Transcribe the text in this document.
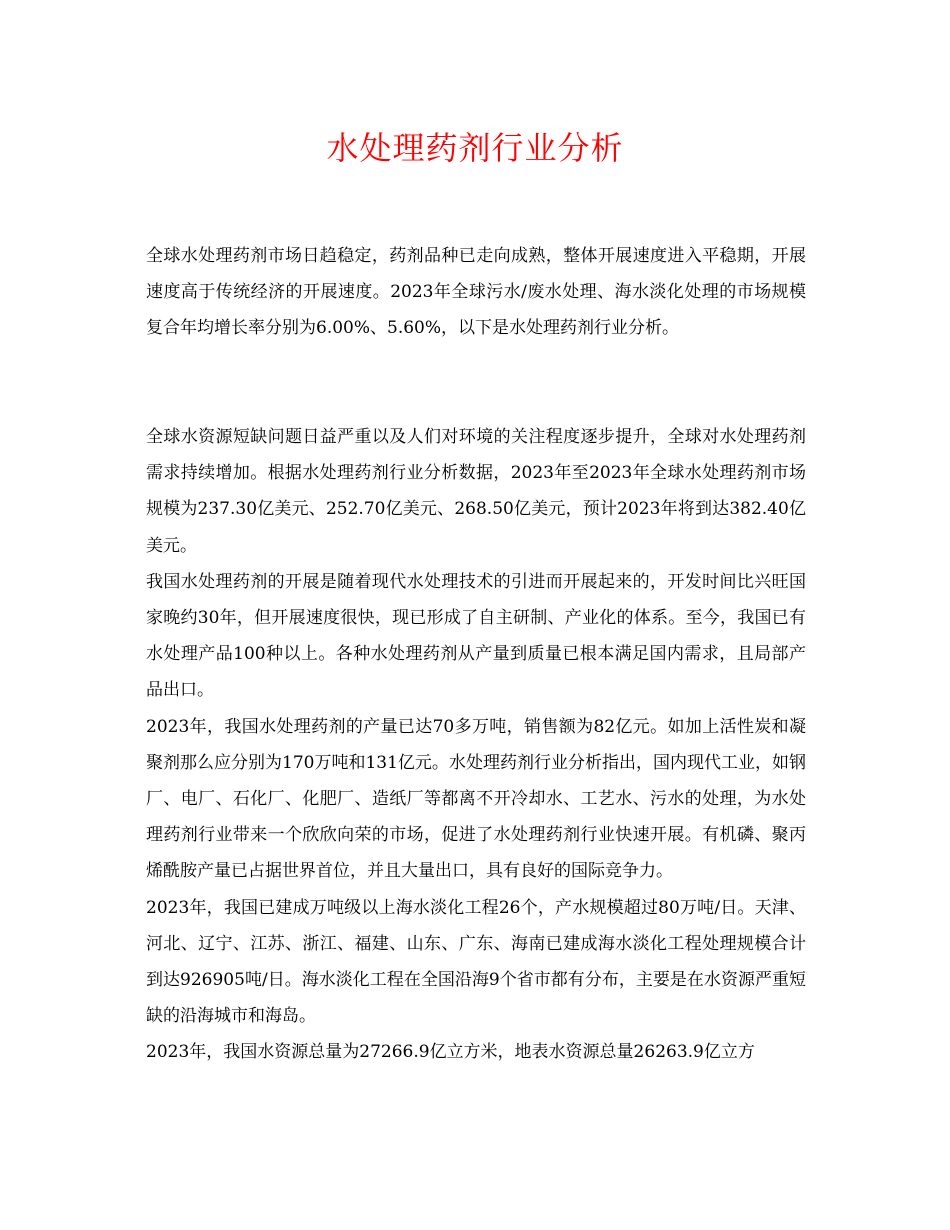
水处理药剂行业分析

全球水处理药剂市场日趋稳定，药剂品种已走向成熟，整体开展速度进入平稳期，开展速度高于传统经济的开展速度。2023年全球污水/废水处理、海水淡化处理的市场规模复合年均增长率分别为6.00%、5.60%，以下是水处理药剂行业分析。

全球水资源短缺问题日益严重以及人们对环境的关注程度逐步提升，全球对水处理药剂需求持续增加。根据水处理药剂行业分析数据，2023年至2023年全球水处理药剂市场规模为237.30亿美元、252.70亿美元、268.50亿美元，预计2023年将到达382.40亿美元。

我国水处理药剂的开展是随着现代水处理技术的引进而开展起来的，开发时间比兴旺国家晚约30年，但开展速度很快，现已形成了自主研制、产业化的体系。至今，我国已有水处理产品100种以上。各种水处理药剂从产量到质量已根本满足国内需求，且局部产品出口。

2023年，我国水处理药剂的产量已达70多万吨，销售额为82亿元。如加上活性炭和凝聚剂那么应分别为170万吨和131亿元。水处理药剂行业分析指出，国内现代工业，如钢厂、电厂、石化厂、化肥厂、造纸厂等都离不开冷却水、工艺水、污水的处理，为水处理药剂行业带来一个欣欣向荣的市场，促进了水处理药剂行业快速开展。有机磷、聚丙烯酰胺产量已占据世界首位，并且大量出口，具有良好的国际竞争力。

2023年，我国已建成万吨级以上海水淡化工程26个，产水规模超过80万吨/日。天津、河北、辽宁、江苏、浙江、福建、山东、广东、海南已建成海水淡化工程处理规模合计到达926905吨/日。海水淡化工程在全国沿海9个省市都有分布，主要是在水资源严重短缺的沿海城市和海岛。

2023年，我国水资源总量为27266.9亿立方米，地表水资源总量26263.9亿立方
